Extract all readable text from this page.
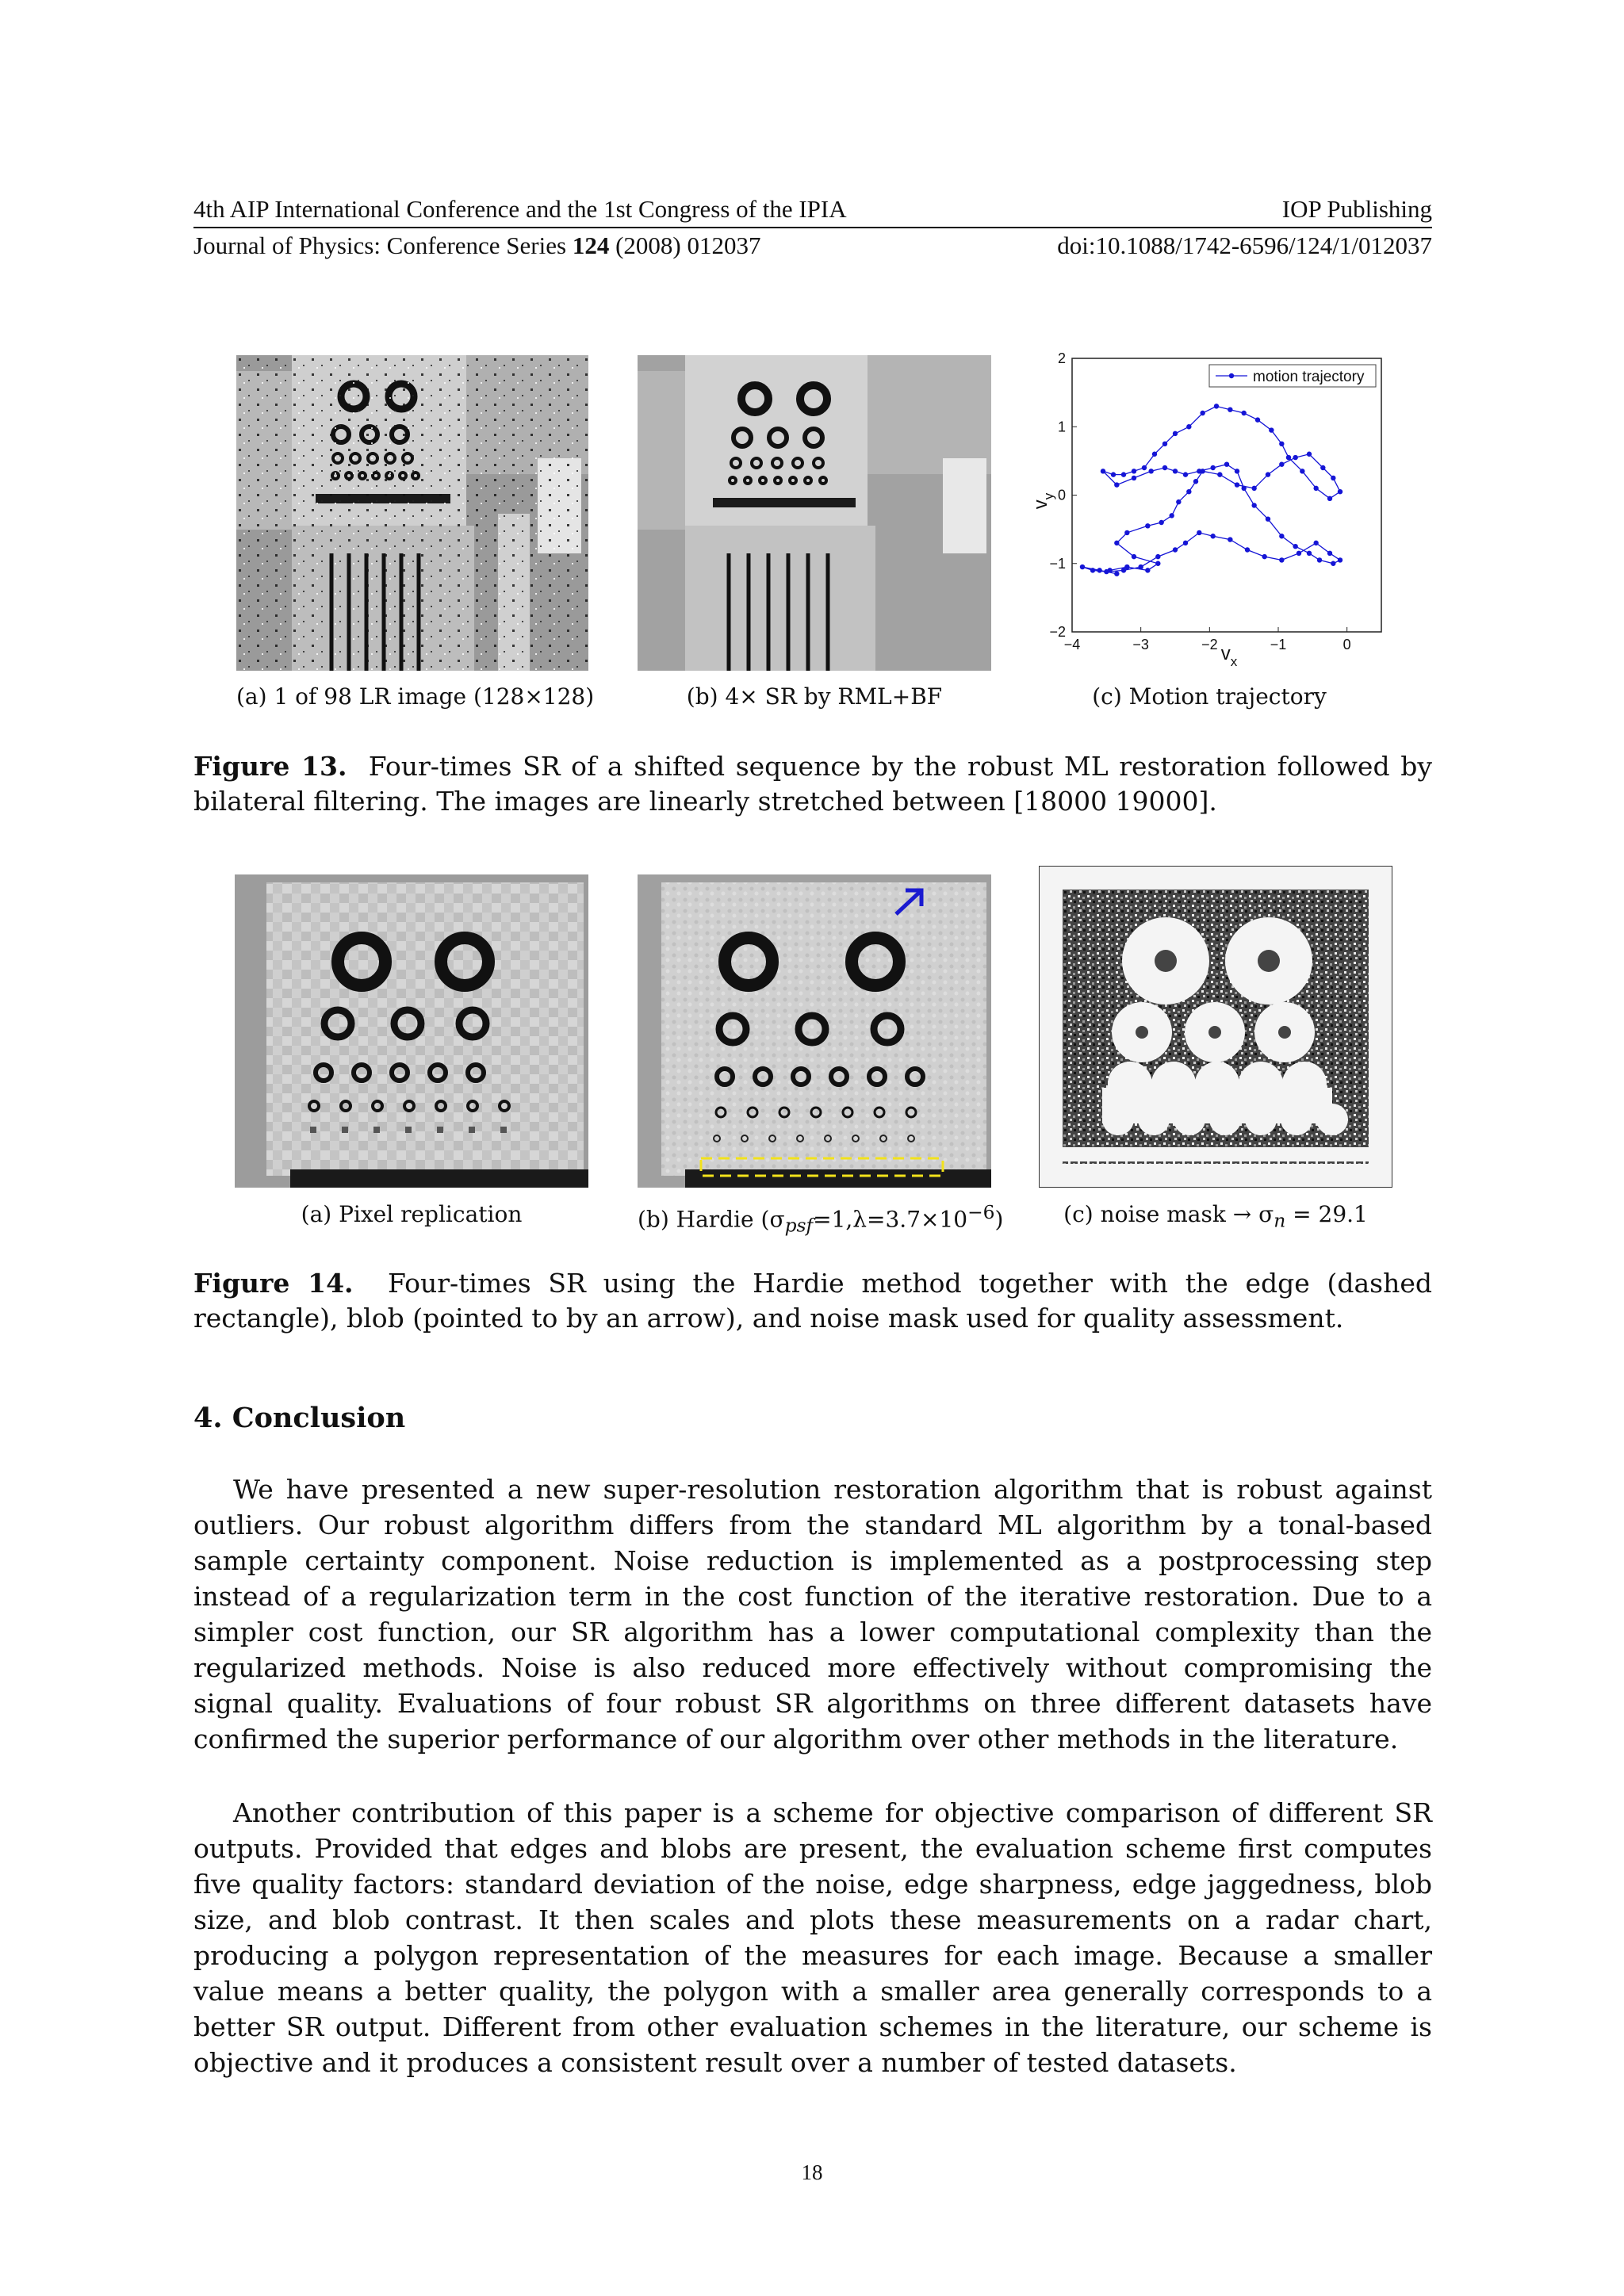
4th AIP International Conference and the 1st Congress of the IPIA	IOP Publishing
Journal of Physics: Conference Series 124 (2008) 012037	doi:10.1088/1742-6596/124/1/012037
(a) 1 of 98 LR image (128×128)	(b) 4× SR by RML+BF
−4	−3	−2	−1	0
−2
−1
0
1
2
motion trajectory
$v_x$
$v_y$
(c) Motion trajectory
Figure 13. Four-times SR of a shifted sequence by the robust ML restoration followed by bilateral filtering. The images are linearly stretched between [18000 19000].
(a) Pixel replication	(b) Hardie $(\sigma_{psf}=1,\lambda=3.7\times 10^{-6})$	(c) noise mask → $\sigma_n = 29.1$
Figure 14. Four-times SR using the Hardie method together with the edge (dashed rectangle), blob (pointed to by an arrow), and noise mask used for quality assessment.
4. Conclusion

We have presented a new super-resolution restoration algorithm that is robust against outliers. Our robust algorithm differs from the standard ML algorithm by a tonal-based sample certainty component. Noise reduction is implemented as a postprocessing step instead of a regularization term in the cost function of the iterative restoration. Due to a simpler cost function, our SR algorithm has a lower computational complexity than the regularized methods. Noise is also reduced more effectively without compromising the signal quality. Evaluations of four robust SR algorithms on three different datasets have confirmed the superior performance of our algorithm over other methods in the literature.

Another contribution of this paper is a scheme for objective comparison of different SR outputs. Provided that edges and blobs are present, the evaluation scheme first computes five quality factors: standard deviation of the noise, edge sharpness, edge jaggedness, blob size, and blob contrast. It then scales and plots these measurements on a radar chart, producing a polygon representation of the measures for each image. Because a smaller value means a better quality, the polygon with a smaller area generally corresponds to a better SR output. Different from other evaluation schemes in the literature, our scheme is objective and it produces a consistent result over a number of tested datasets.

18
